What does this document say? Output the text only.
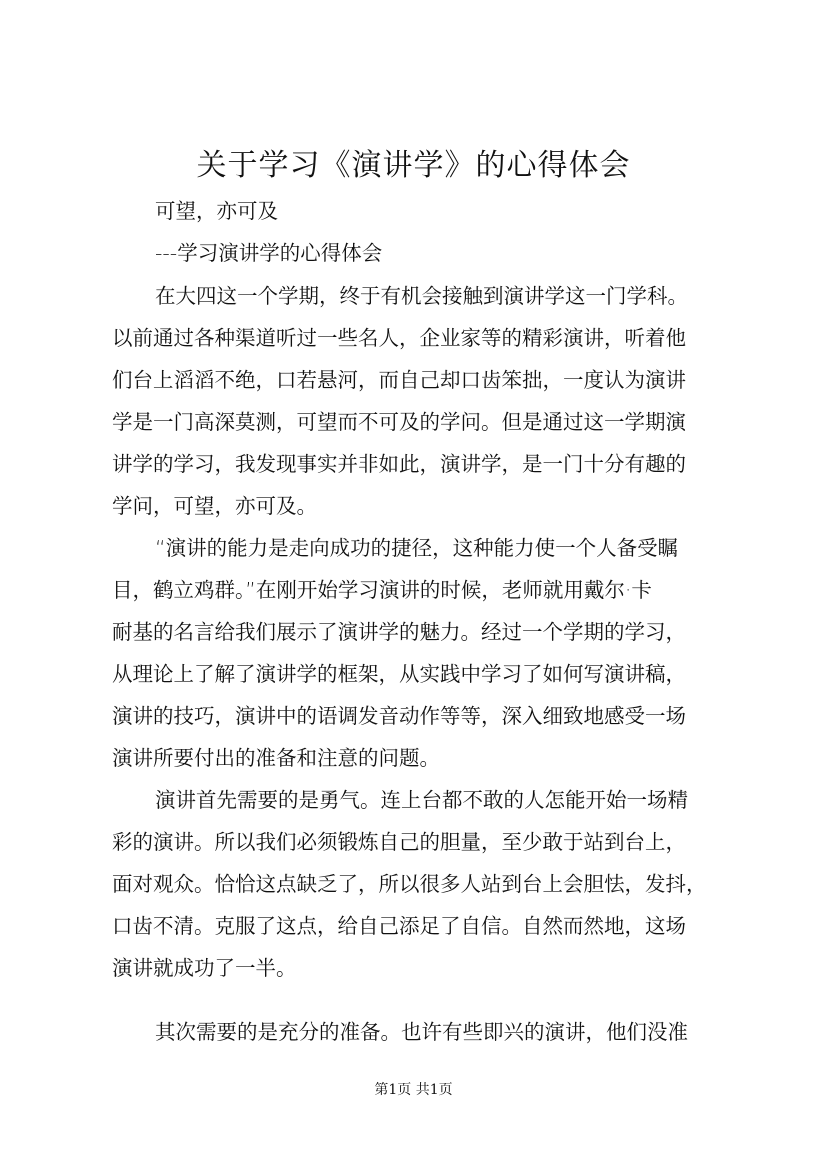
关于学习《演讲学》的心得体会
可望，亦可及
---学习演讲学的心得体会
在大四这一个学期，终于有机会接触到演讲学这一门学科。
以前通过各种渠道听过一些名人，企业家等的精彩演讲，听着他
们台上滔滔不绝，口若悬河，而自己却口齿笨拙，一度认为演讲
学是一门高深莫测，可望而不可及的学问。但是通过这一学期演
讲学的学习，我发现事实并非如此，演讲学，是一门十分有趣的
学问，可望，亦可及。
“演讲的能力是走向成功的捷径，这种能力使一个人备受瞩
目，鹤立鸡群。”在刚开始学习演讲的时候，老师就用戴尔·卡
耐基的名言给我们展示了演讲学的魅力。经过一个学期的学习，
从理论上了解了演讲学的框架，从实践中学习了如何写演讲稿，
演讲的技巧，演讲中的语调发音动作等等，深入细致地感受一场
演讲所要付出的准备和注意的问题。
演讲首先需要的是勇气。连上台都不敢的人怎能开始一场精
彩的演讲。所以我们必须锻炼自己的胆量，至少敢于站到台上，
面对观众。恰恰这点缺乏了，所以很多人站到台上会胆怯，发抖，
口齿不清。克服了这点，给自己添足了自信。自然而然地，这场
演讲就成功了一半。
其次需要的是充分的准备。也许有些即兴的演讲，他们没准
第1页 共1页
